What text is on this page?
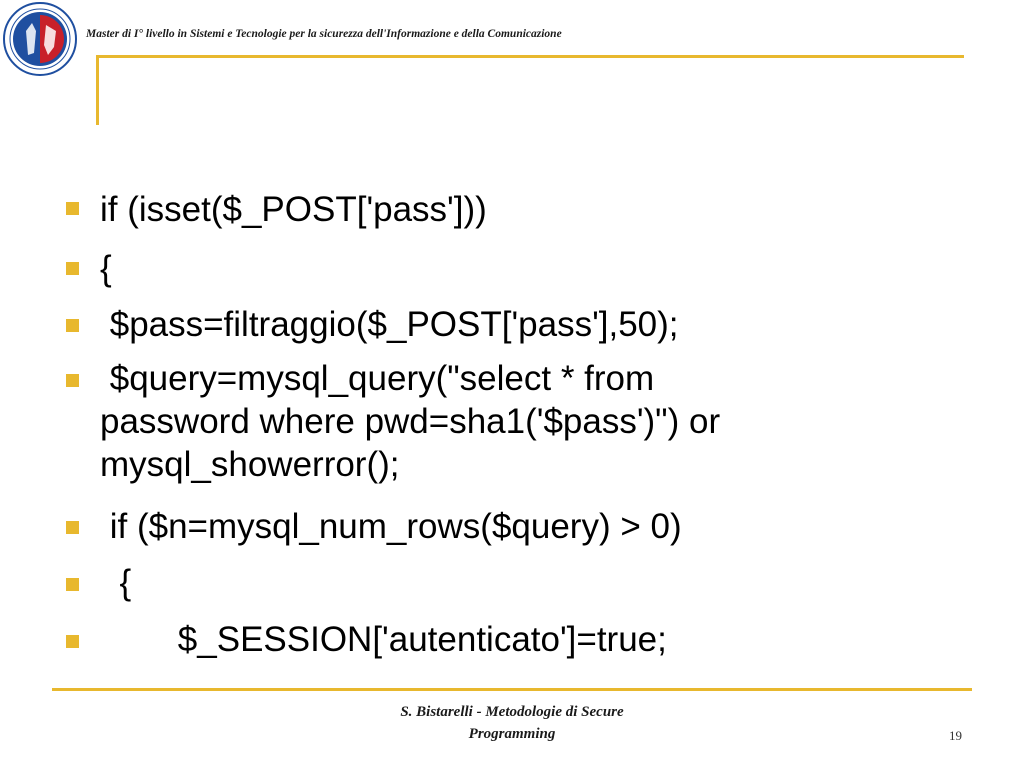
Master di I° livello in Sistemi e Tecnologie per la sicurezza dell'Informazione e della Comunicazione
if (isset($_POST['pass']))
{
$pass=filtraggio($_POST['pass'],50);
$query=mysql_query("select * from
password where pwd=sha1('$pass')") or
mysql_showerror();
if ($n=mysql_num_rows($query) > 0)
{
$_SESSION['autenticato']=true;
S. Bistarelli - Metodologie di Secure
Programming	19
